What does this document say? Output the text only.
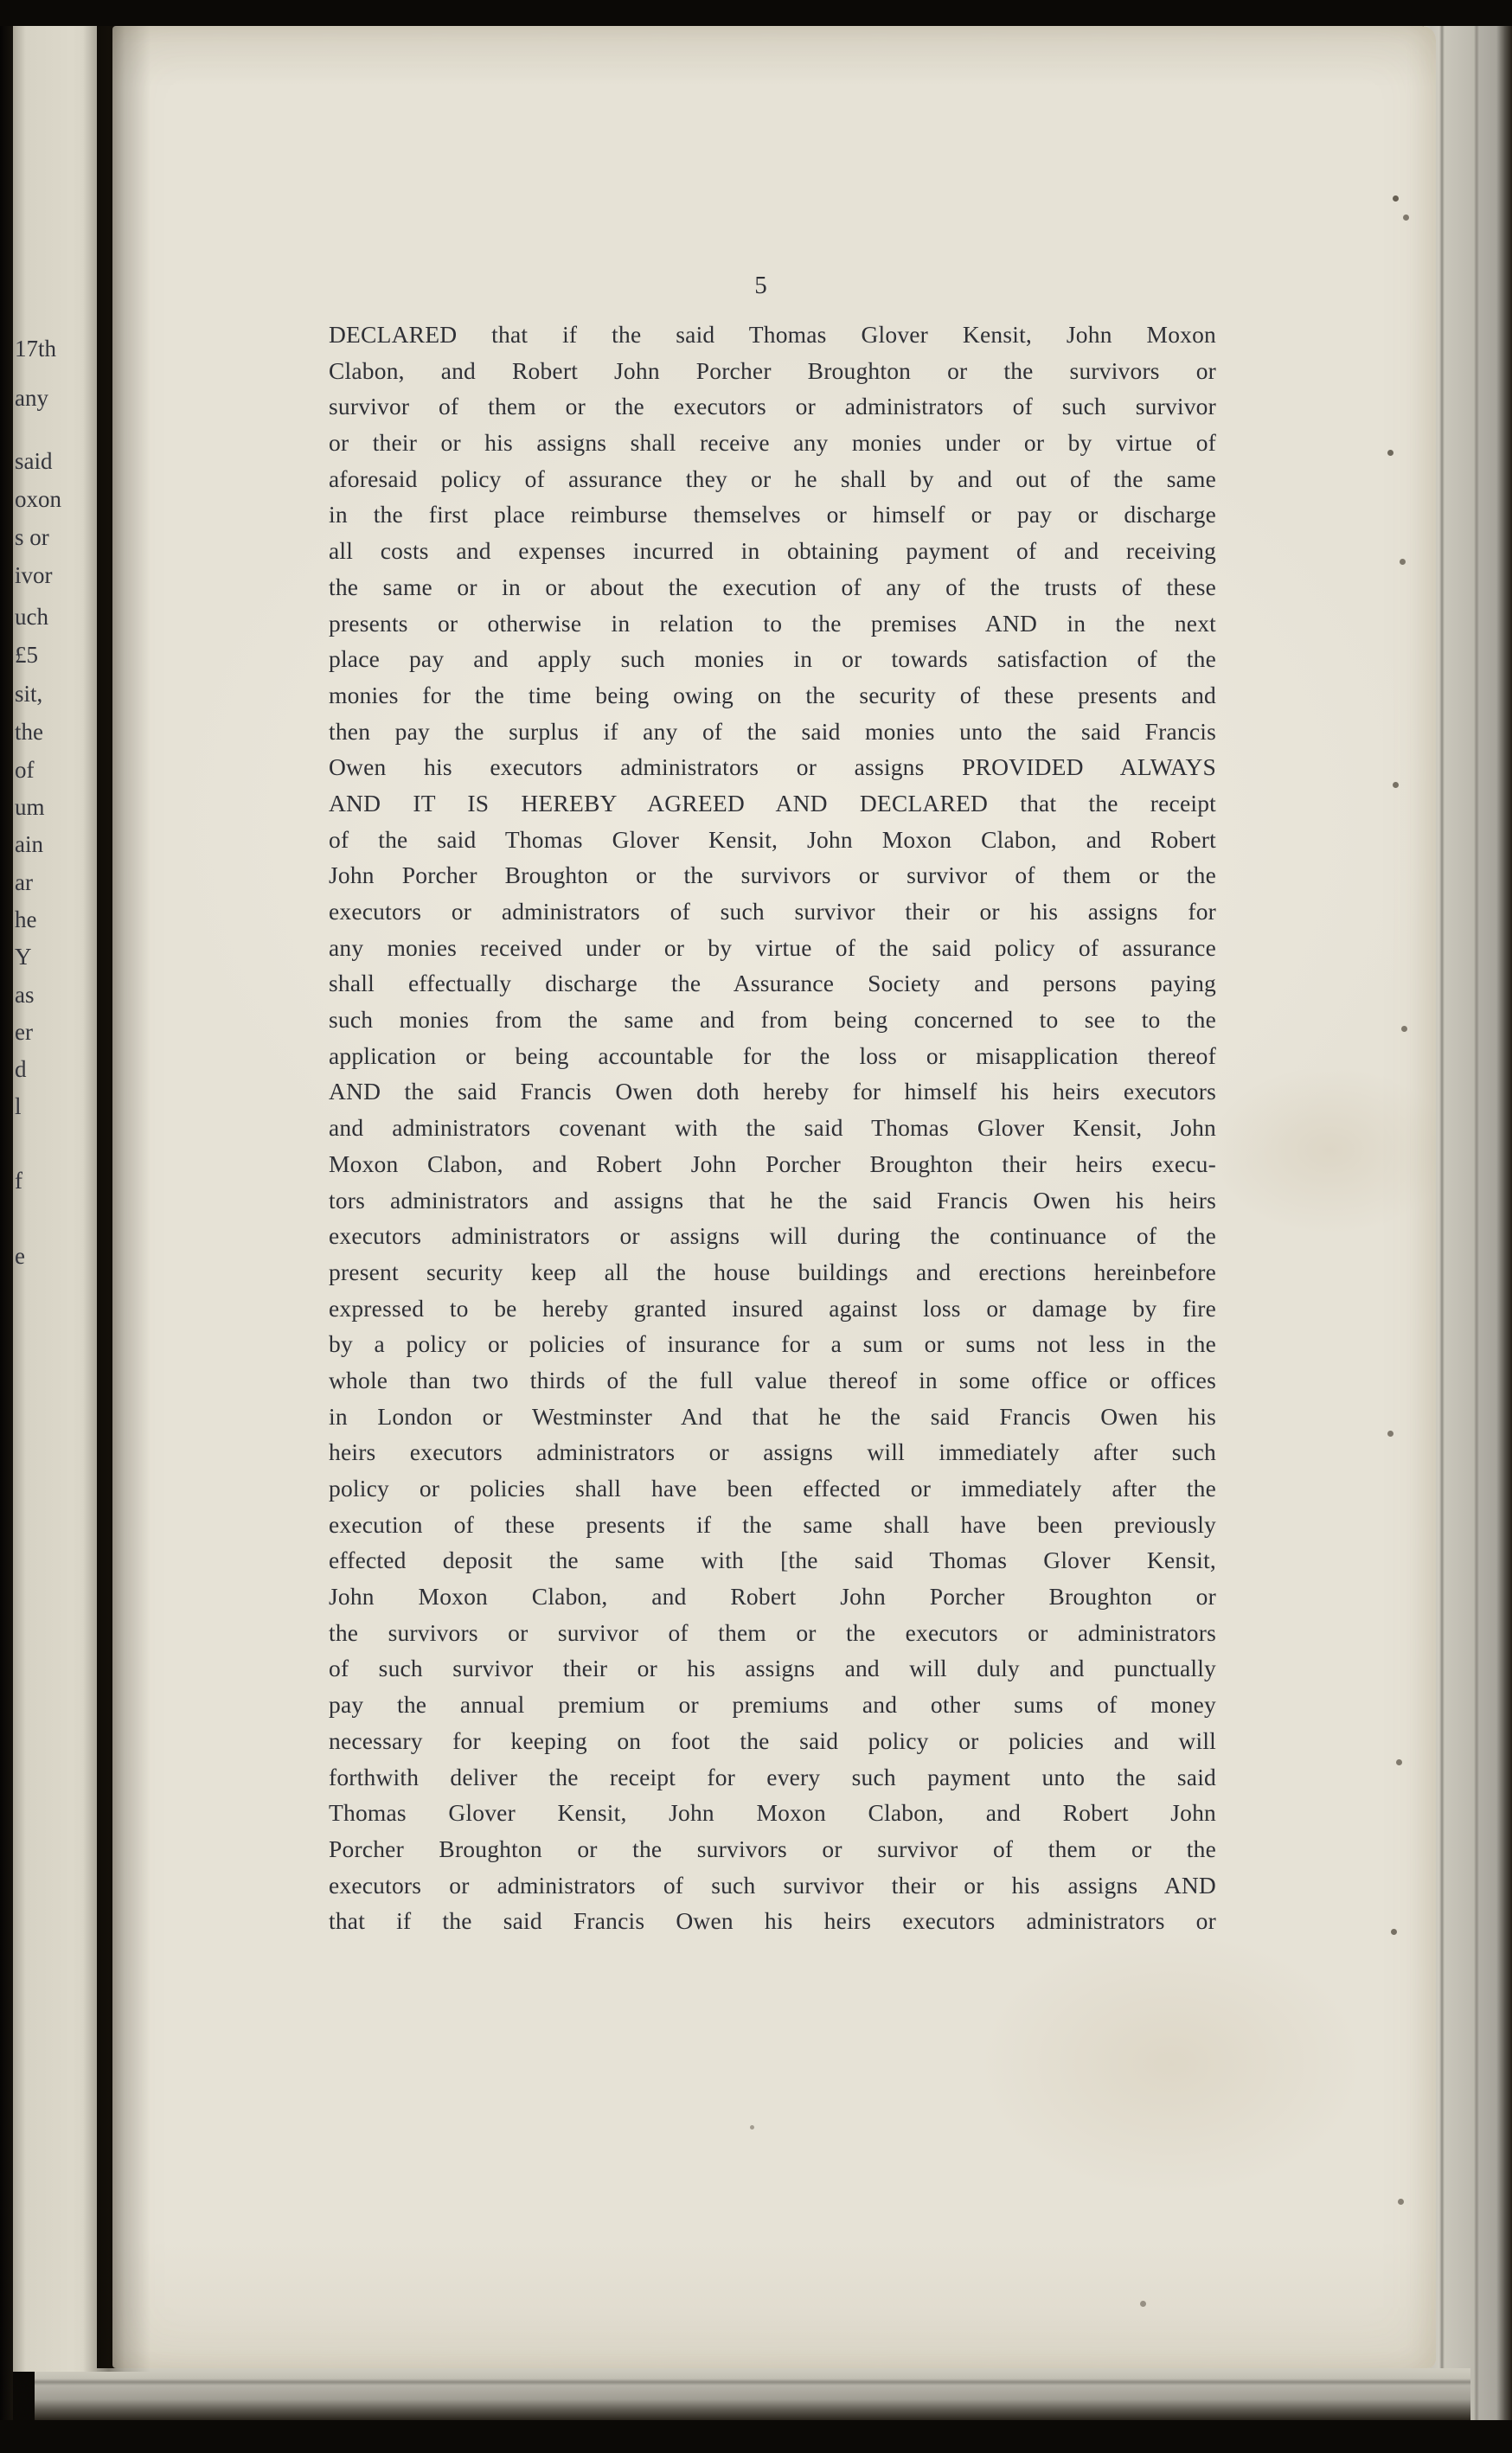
17th
any
said
oxon
s or
ivor
uch
£5
sit,
the
of
um
ain
ar
he
Y
as
er
d
l
f
e
5
DECLARED that if the said Thomas Glover Kensit, John Moxon
Clabon, and Robert John Porcher Broughton or the survivors or
survivor of them or the executors or administrators of such survivor
or their or his assigns shall receive any monies under or by virtue of
aforesaid policy of assurance they or he shall by and out of the same
in the first place reimburse themselves or himself or pay or discharge
all costs and expenses incurred in obtaining payment of and receiving
the same or in or about the execution of any of the trusts of these
presents or otherwise in relation to the premises AND in the next
place pay and apply such monies in or towards satisfaction of the
monies for the time being owing on the security of these presents and
then pay the surplus if any of the said monies unto the said Francis
Owen his executors administrators or assigns PROVIDED ALWAYS
AND IT IS HEREBY AGREED AND DECLARED that the receipt
of the said Thomas Glover Kensit, John Moxon Clabon, and Robert
John Porcher Broughton or the survivors or survivor of them or the
executors or administrators of such survivor their or his assigns for
any monies received under or by virtue of the said policy of assurance
shall effectually discharge the Assurance Society and persons paying
such monies from the same and from being concerned to see to the
application or being accountable for the loss or misapplication thereof
AND the said Francis Owen doth hereby for himself his heirs executors
and administrators covenant with the said Thomas Glover Kensit, John
Moxon Clabon, and Robert John Porcher Broughton their heirs execu-
tors administrators and assigns that he the said Francis Owen his heirs
executors administrators or assigns will during the continuance of the
present security keep all the house buildings and erections hereinbefore
expressed to be hereby granted insured against loss or damage by fire
by a policy or policies of insurance for a sum or sums not less in the
whole than two thirds of the full value thereof in some office or offices
in London or Westminster And that he the said Francis Owen his
heirs executors administrators or assigns will immediately after such
policy or policies shall have been effected or immediately after the
execution of these presents if the same shall have been previously
effected deposit the same with [the said Thomas Glover Kensit,
John Moxon Clabon, and Robert John Porcher Broughton or
the survivors or survivor of them or the executors or administrators
of such survivor their or his assigns and will duly and punctually
pay the annual premium or premiums and other sums of money
necessary for keeping on foot the said policy or policies and will
forthwith deliver the receipt for every such payment unto the said
Thomas Glover Kensit, John Moxon Clabon, and Robert John
Porcher Broughton or the survivors or survivor of them or the
executors or administrators of such survivor their or his assigns AND
that if the said Francis Owen his heirs executors administrators or
